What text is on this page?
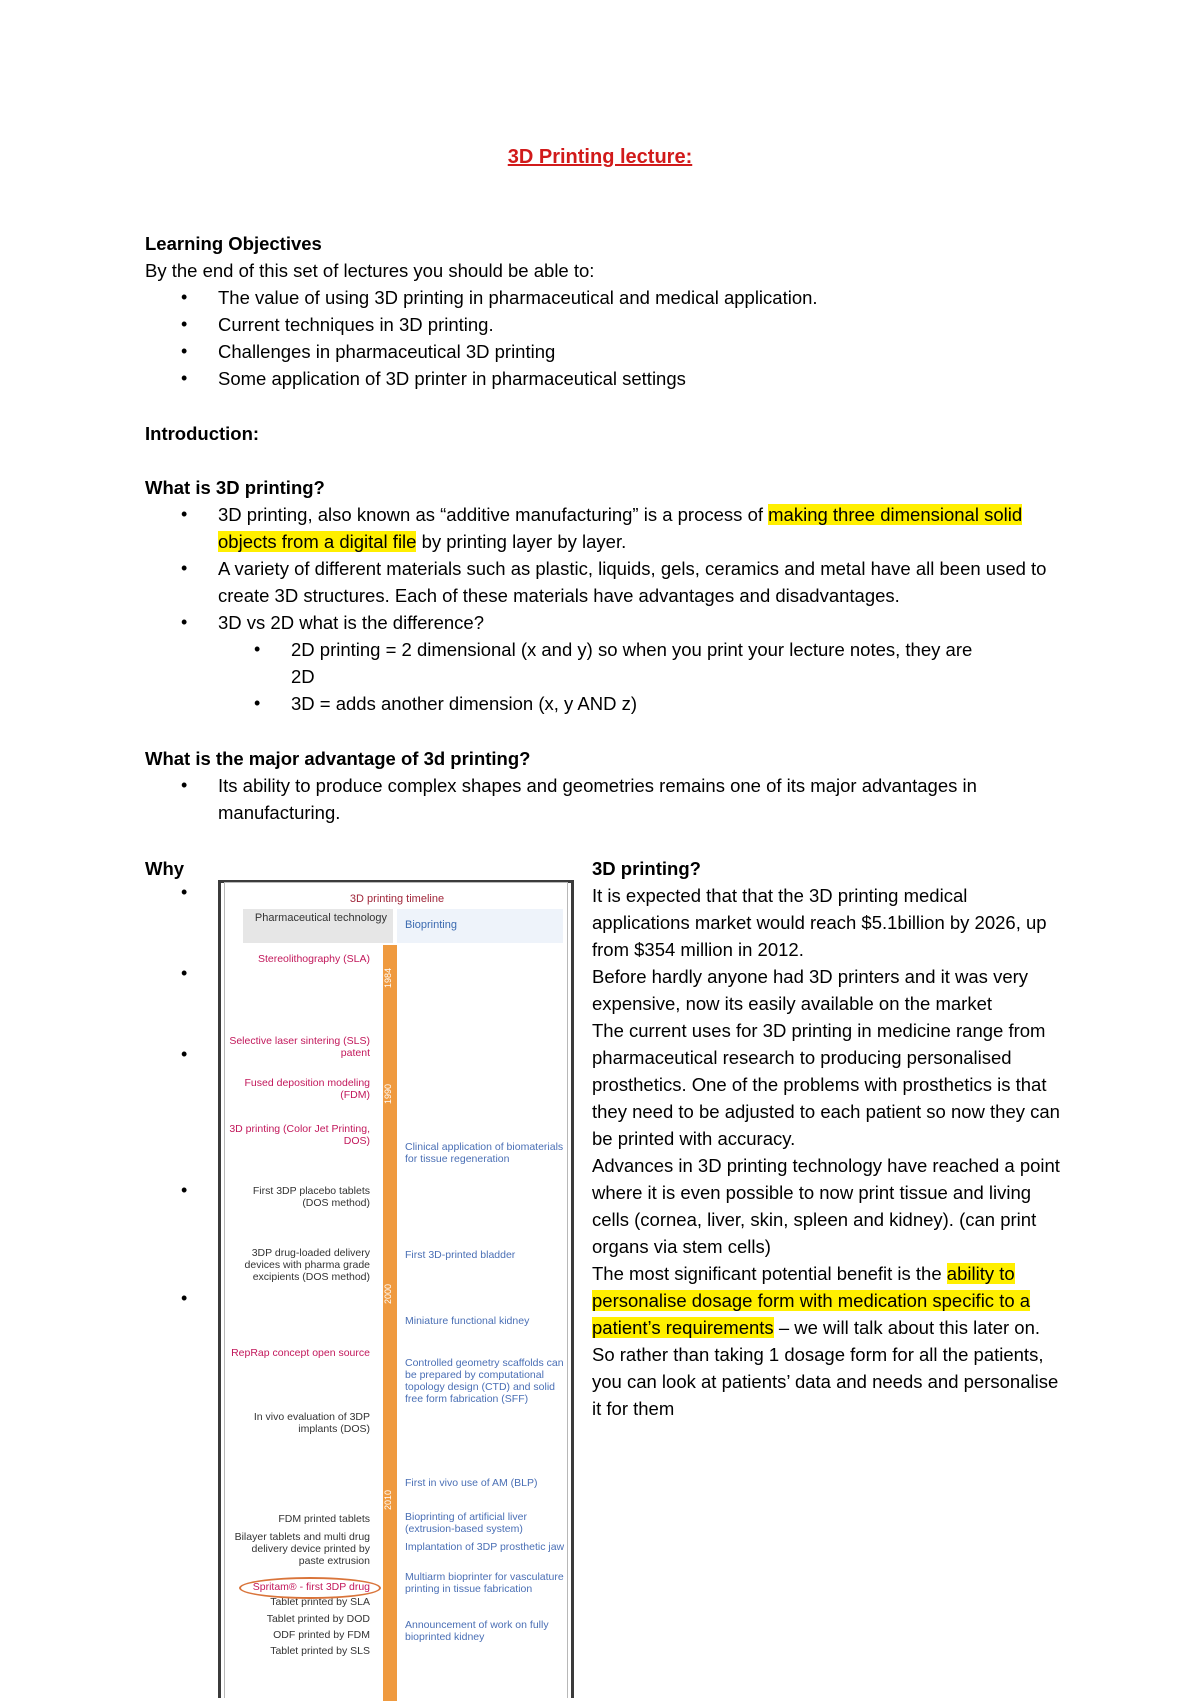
3D Printing lecture:

Learning Objectives

By the end of this set of lectures you should be able to:

• The value of using 3D printing in pharmaceutical and medical application.
• Current techniques in 3D printing.
• Challenges in pharmaceutical 3D printing
• Some application of 3D printer in pharmaceutical settings

Introduction:

What is 3D printing?

• 3D printing, also known as “additive manufacturing” is a process of making three dimensional solid objects from a digital file by printing layer by layer.
• A variety of different materials such as plastic, liquids, gels, ceramics and metal have all been used to create 3D structures. Each of these materials have advantages and disadvantages.
• 3D vs 2D what is the difference?
• 2D printing = 2 dimensional (x and y) so when you print your lecture notes, they are 2D
• 3D = adds another dimension (x, y AND z)

What is the major advantage of 3d printing?

• Its ability to produce complex shapes and geometries remains one of its major advantages in manufacturing.
Why
•
•
•
•
•
3D printing timeline
Pharmaceutical technology
Bioprinting
1984
1990
2000
2010
Stereolithography (SLA)
Selective laser sintering (SLS) patent
Fused deposition modeling (FDM)
3D printing (Color Jet Printing, DOS)
First 3DP placebo tablets (DOS method)
3DP drug-loaded delivery devices with pharma grade excipients (DOS method)
RepRap concept open source
In vivo evaluation of 3DP implants (DOS)
FDM printed tablets
Bilayer tablets and multi drug delivery device printed by paste extrusion
Spritam® - first 3DP drug
Tablet printed by SLA
Tablet printed by DOD
ODF printed by FDM
Tablet printed by SLS
Clinical application of biomaterials for tissue regeneration
First 3D-printed bladder
Miniature functional kidney
Controlled geometry scaffolds can be prepared by computational topology design (CTD) and solid free form fabrication (SFF)
First in vivo use of AM (BLP)
Bioprinting of artificial liver (extrusion-based system)
Implantation of 3DP prosthetic jaw
Multiarm bioprinter for vasculature printing in tissue fabrication
Announcement of work on fully bioprinted kidney

3D printing?

It is expected that that the 3D printing medical applications market would reach $5.1billion by 2026, up from $354 million in 2012.

Before hardly anyone had 3D printers and it was very expensive, now its easily available on the market

The current uses for 3D printing in medicine range from pharmaceutical research to producing personalised prosthetics. One of the problems with prosthetics is that they need to be adjusted to each patient so now they can be printed with accuracy.

Advances in 3D printing technology have reached a point where it is even possible to now print tissue and living cells (cornea, liver, skin, spleen and kidney). (can print organs via stem cells)

The most significant potential benefit is the ability to personalise dosage form with medication specific to a patient’s requirements – we will talk about this later on. So rather than taking 1 dosage form for all the patients, you can look at patients’ data and needs and personalise it for them
